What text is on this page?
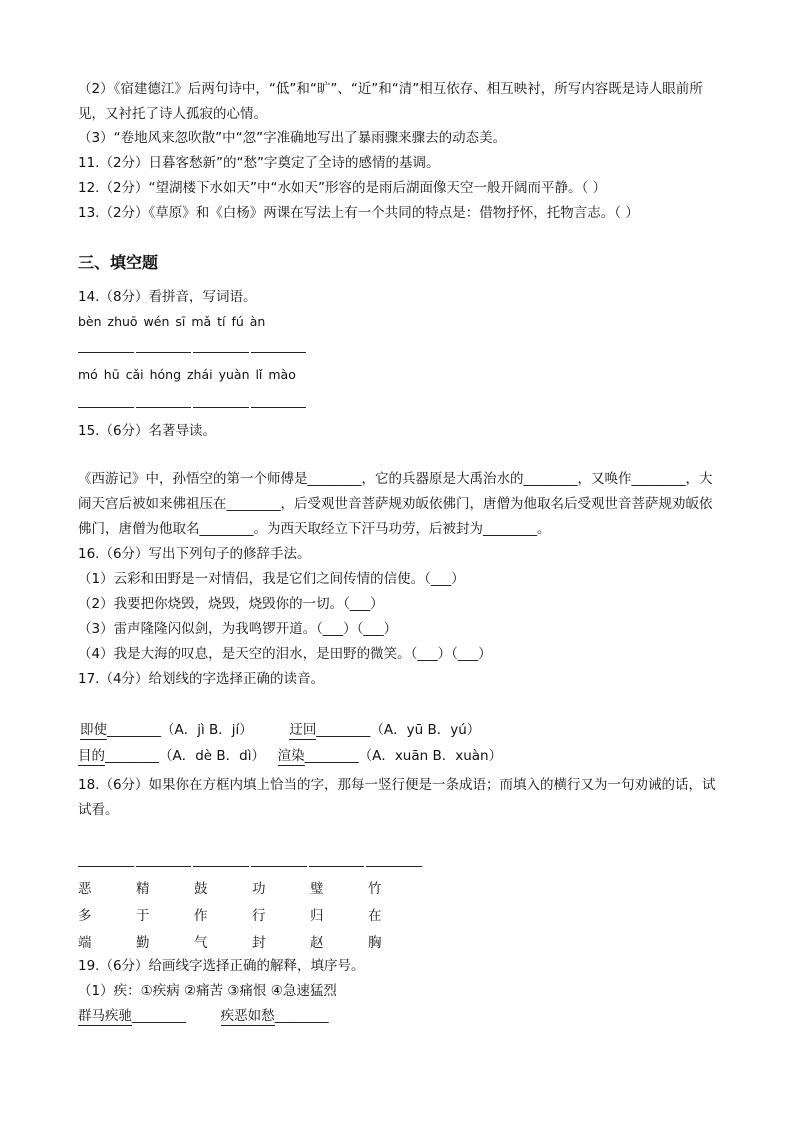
（2）《宿建德江》后两句诗中，“低”和“旷”、“近”和“清”相互依存、相互映衬，所写内容既是诗人眼前所见，又衬托了诗人孤寂的心情。
（3）“卷地风来忽吹散”中“忽”字准确地写出了暴雨骤来骤去的动态美。
11.（2分）日暮客愁新”的“愁”字奠定了全诗的感情的基调。
12.（2分）“望湖楼下水如天”中“水如天”形容的是雨后湖面像天空一般开阔而平静。（ ）
13.（2分）《草原》和《白杨》两课在写法上有一个共同的特点是：借物抒怀，托物言志。（ ）
三、填空题
14.（8分）看拼音，写词语。
bèn zhuō wén sī mǎ tí fú àn
mó hū cǎi hóng zhái yuàn lǐ mào
15.（6分）名著导读。
《西游记》中，孙悟空的第一个师傅是________，它的兵器原是大禹治水的________，又唤作________，大闹天宫后被如来佛祖压在________，后受观世音菩萨规劝皈依佛门，唐僧为他取名后受观世音菩萨规劝皈依佛门，唐僧为他取名________。为西天取经立下汗马功劳，后被封为________。
16.（6分）写出下列句子的修辞手法。
（1）云彩和田野是一对情侣，我是它们之间传情的信使。（___）
（2）我要把你烧毁，烧毁，烧毁你的一切。（___）
（3）雷声隆隆闪似剑，为我鸣锣开道。（___）（___）
（4）我是大海的叹息，是天空的泪水，是田野的微笑。（___）（___）
17.（4分）给划线的字选择正确的读音。
即使________（A．jì B．jí）	迂回________（A．yū B．yú）
目的________（A．dè B．dì） 渲染________（A．xuān B．xuàn）
18.（6分）如果你在方框内填上恰当的字，那每一竖行便是一条成语；而填入的横行又为一句劝诫的话，试试看。
恶	精	鼓	功	璧	竹
多	于	作	行	归	在
端	勤	气	封	赵	胸
19.（6分）给画线字选择正确的解释，填序号。
（1）疾：①疾病 ②痛苦 ③痛恨 ④急速猛烈
群马疾驰________	疾恶如愁________
